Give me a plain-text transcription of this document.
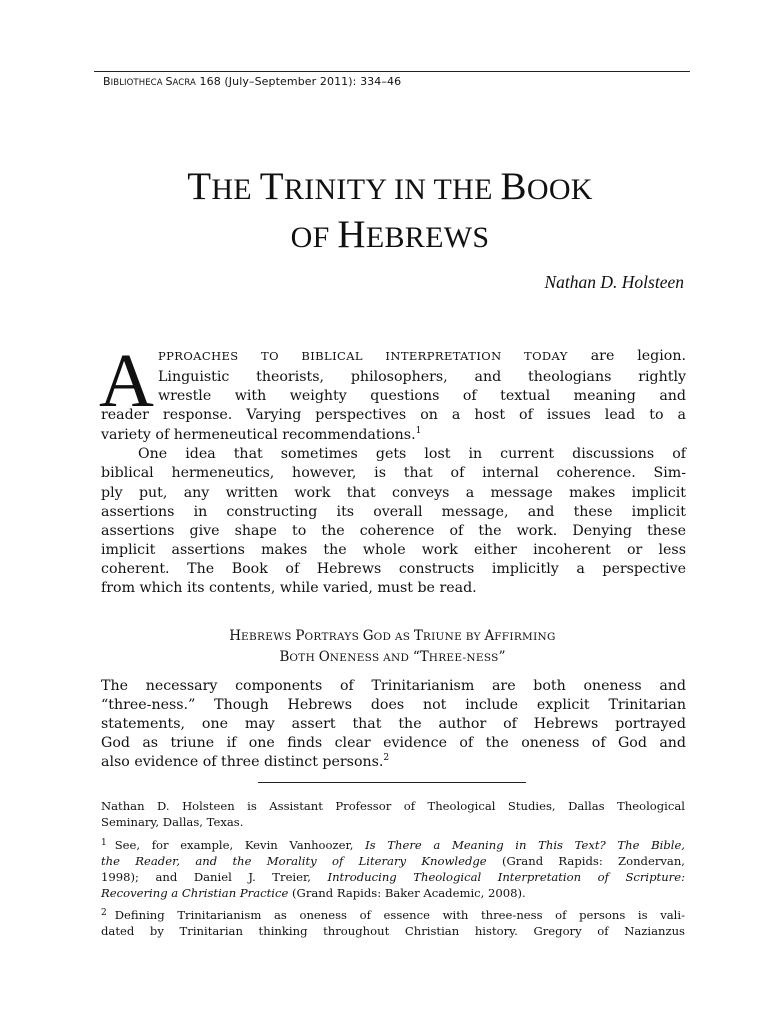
BIBLIOTHECA SACRA 168 (July–September 2011): 334–46
THE TRINITY IN THE BOOK
OF HEBREWS
Nathan D. Holsteen
A PPROACHES TO BIBLICAL INTERPRETATION TODAY are legion.
Linguistic theorists, philosophers, and theologians rightly
wrestle with weighty questions of textual meaning and
reader response. Varying perspectives on a host of issues lead to a
variety of hermeneutical recommendations.$^1$
One idea that sometimes gets lost in current discussions of
biblical hermeneutics, however, is that of internal coherence. Sim-
ply put, any written work that conveys a message makes implicit
assertions in constructing its overall message, and these implicit
assertions give shape to the coherence of the work. Denying these
implicit assertions makes the whole work either incoherent or less
coherent. The Book of Hebrews constructs implicitly a perspective
from which its contents, while varied, must be read.
HEBREWS PORTRAYS GOD AS TRIUNE BY AFFIRMING
BOTH ONENESS AND “THREE-NESS”
The necessary components of Trinitarianism are both oneness and
“three-ness.” Though Hebrews does not include explicit Trinitarian
statements, one may assert that the author of Hebrews portrayed
God as triune if one finds clear evidence of the oneness of God and
also evidence of three distinct persons.$^2$
Nathan D. Holsteen is Assistant Professor of Theological Studies, Dallas Theological
Seminary, Dallas, Texas.
$^1$ See, for example, Kevin Vanhoozer, Is There a Meaning in This Text? The Bible,
the Reader, and the Morality of Literary Knowledge (Grand Rapids: Zondervan,
1998); and Daniel J. Treier, Introducing Theological Interpretation of Scripture:
Recovering a Christian Practice (Grand Rapids: Baker Academic, 2008).
$^2$ Defining Trinitarianism as oneness of essence with three-ness of persons is vali-
dated by Trinitarian thinking throughout Christian history. Gregory of Nazianzus
